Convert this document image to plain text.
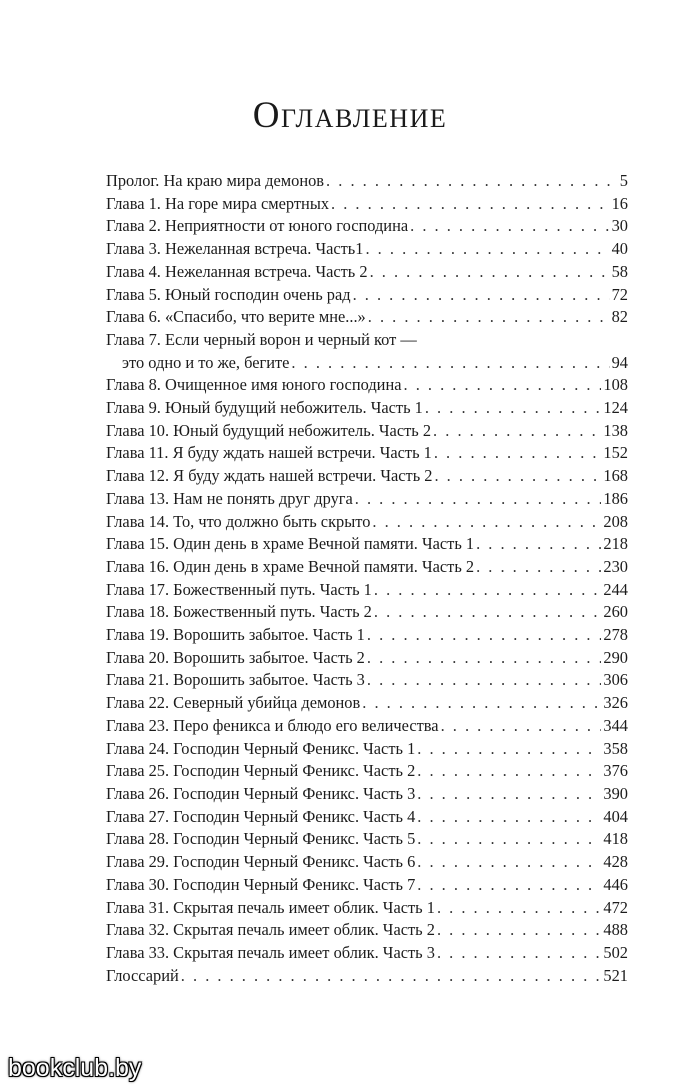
Оглавление
Пролог. На краю мира демонов . . .	5
Глава 1. На горе мира смертных . . .	16
Глава 2. Неприятности от юного господина . . .	30
Глава 3. Нежеланная встреча. Часть1 . . .	40
Глава 4. Нежеланная встреча. Часть 2 . . .	58
Глава 5. Юный господин очень рад . . .	72
Глава 6. «Спасибо, что верите мне...» . . .	82
Глава 7. Если черный ворон и черный кот —
это одно и то же, бегите . . .	94
Глава 8. Очищенное имя юного господина . . .	108
Глава 9. Юный будущий небожитель. Часть 1 . . .	124
Глава 10. Юный будущий небожитель. Часть 2 . . .	138
Глава 11. Я буду ждать нашей встречи. Часть 1 . . .	152
Глава 12. Я буду ждать нашей встречи. Часть 2 . . .	168
Глава 13. Нам не понять друг друга . . .	186
Глава 14. То, что должно быть скрыто . . .	208
Глава 15. Один день в храме Вечной памяти. Часть 1 . . .	218
Глава 16. Один день в храме Вечной памяти. Часть 2 . . .	230
Глава 17. Божественный путь. Часть 1 . . .	244
Глава 18. Божественный путь. Часть 2 . . .	260
Глава 19. Ворошить забытое. Часть 1 . . .	278
Глава 20. Ворошить забытое. Часть 2 . . .	290
Глава 21. Ворошить забытое. Часть 3 . . .	306
Глава 22. Северный убийца демонов . . .	326
Глава 23. Перо феникса и блюдо его величества . . .	344
Глава 24. Господин Черный Феникс. Часть 1 . . .	358
Глава 25. Господин Черный Феникс. Часть 2 . . .	376
Глава 26. Господин Черный Феникс. Часть 3 . . .	390
Глава 27. Господин Черный Феникс. Часть 4 . . .	404
Глава 28. Господин Черный Феникс. Часть 5 . . .	418
Глава 29. Господин Черный Феникс. Часть 6 . . .	428
Глава 30. Господин Черный Феникс. Часть 7 . . .	446
Глава 31. Скрытая печаль имеет облик. Часть 1 . . .	472
Глава 32. Скрытая печаль имеет облик. Часть 2 . . .	488
Глава 33. Скрытая печаль имеет облик. Часть 3 . . .	502
Глоссарий . . .	521
bookclub.by
